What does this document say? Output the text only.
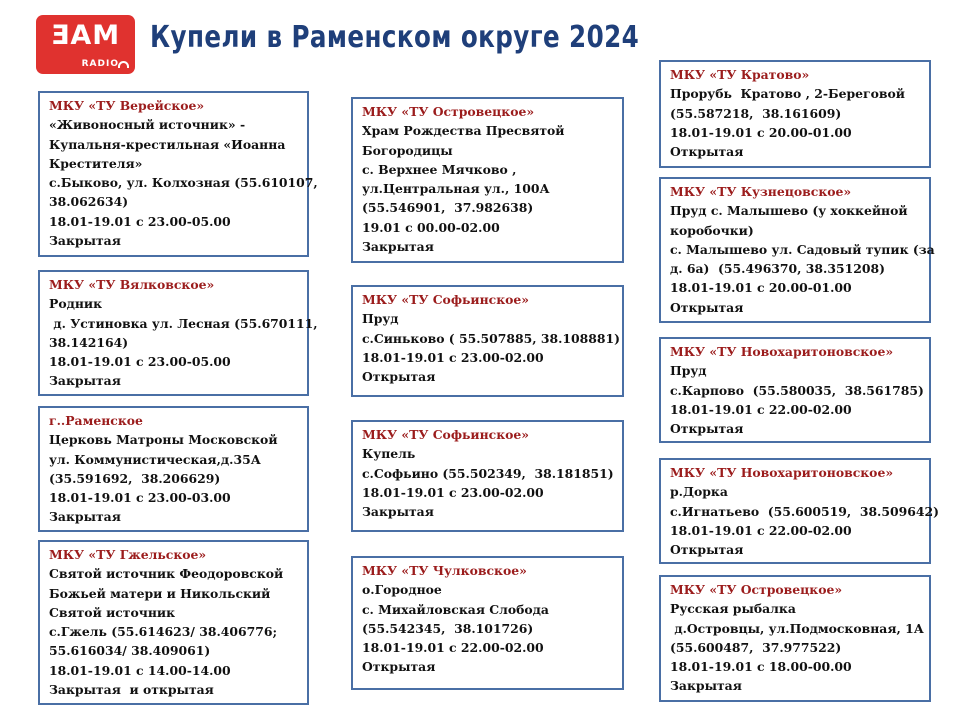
ƎAM
RADIO
Купели в Раменском округе 2024
МКУ «ТУ Верейское»
«Живоносный источник» -
Купальня-крестильная «Иоанна
Крестителя»
с.Быково, ул. Колхозная (55.610107,
38.062634)
18.01-19.01 с 23.00-05.00
Закрытая
МКУ «ТУ Вялковское»
Родник
д. Устиновка ул. Лесная (55.670111,
38.142164)
18.01-19.01 с 23.00-05.00
Закрытая
г..Раменское
Церковь Матроны Московской
ул. Коммунистическая,д.35А
(35.591692,  38.206629)
18.01-19.01 с 23.00-03.00
Закрытая
МКУ «ТУ Гжельское»
Святой источник Феодоровской
Божьей матери и Никольский
Святой источник
с.Гжель (55.614623/ 38.406776;
55.616034/ 38.409061)
18.01-19.01 с 14.00-14.00
Закрытая  и открытая
МКУ «ТУ Островецкое»
Храм Рождества Пресвятой
Богородицы
с. Верхнее Мячково ,
ул.Центральная ул., 100А
(55.546901,  37.982638)
19.01 с 00.00-02.00
Закрытая
МКУ «ТУ Софьинское»
Пруд
с.Синьково ( 55.507885, 38.108881)
18.01-19.01 с 23.00-02.00
Открытая
МКУ «ТУ Софьинское»
Купель
с.Софьино (55.502349,  38.181851)
18.01-19.01 с 23.00-02.00
Закрытая
МКУ «ТУ Чулковское»
о.Городное
с. Михайловская Слобода
(55.542345,  38.101726)
18.01-19.01 с 22.00-02.00
Открытая
МКУ «ТУ Кратово»
Прорубь  Кратово , 2-Береговой
(55.587218,  38.161609)
18.01-19.01 с 20.00-01.00
Открытая
МКУ «ТУ Кузнецовское»
Пруд с. Малышево (у хоккейной
коробочки)
с. Малышево ул. Садовый тупик (за
д. 6а)  (55.496370, 38.351208)
18.01-19.01 с 20.00-01.00
Открытая
МКУ «ТУ Новохаритоновское»
Пруд
с.Карпово  (55.580035,  38.561785)
18.01-19.01 с 22.00-02.00
Открытая
МКУ «ТУ Новохаритоновское»
р.Дорка
с.Игнатьево  (55.600519,  38.509642)
18.01-19.01 с 22.00-02.00
Открытая
МКУ «ТУ Островецкое»
Русская рыбалка
д.Островцы, ул.Подмосковная, 1А
(55.600487,  37.977522)
18.01-19.01 с 18.00-00.00
Закрытая
